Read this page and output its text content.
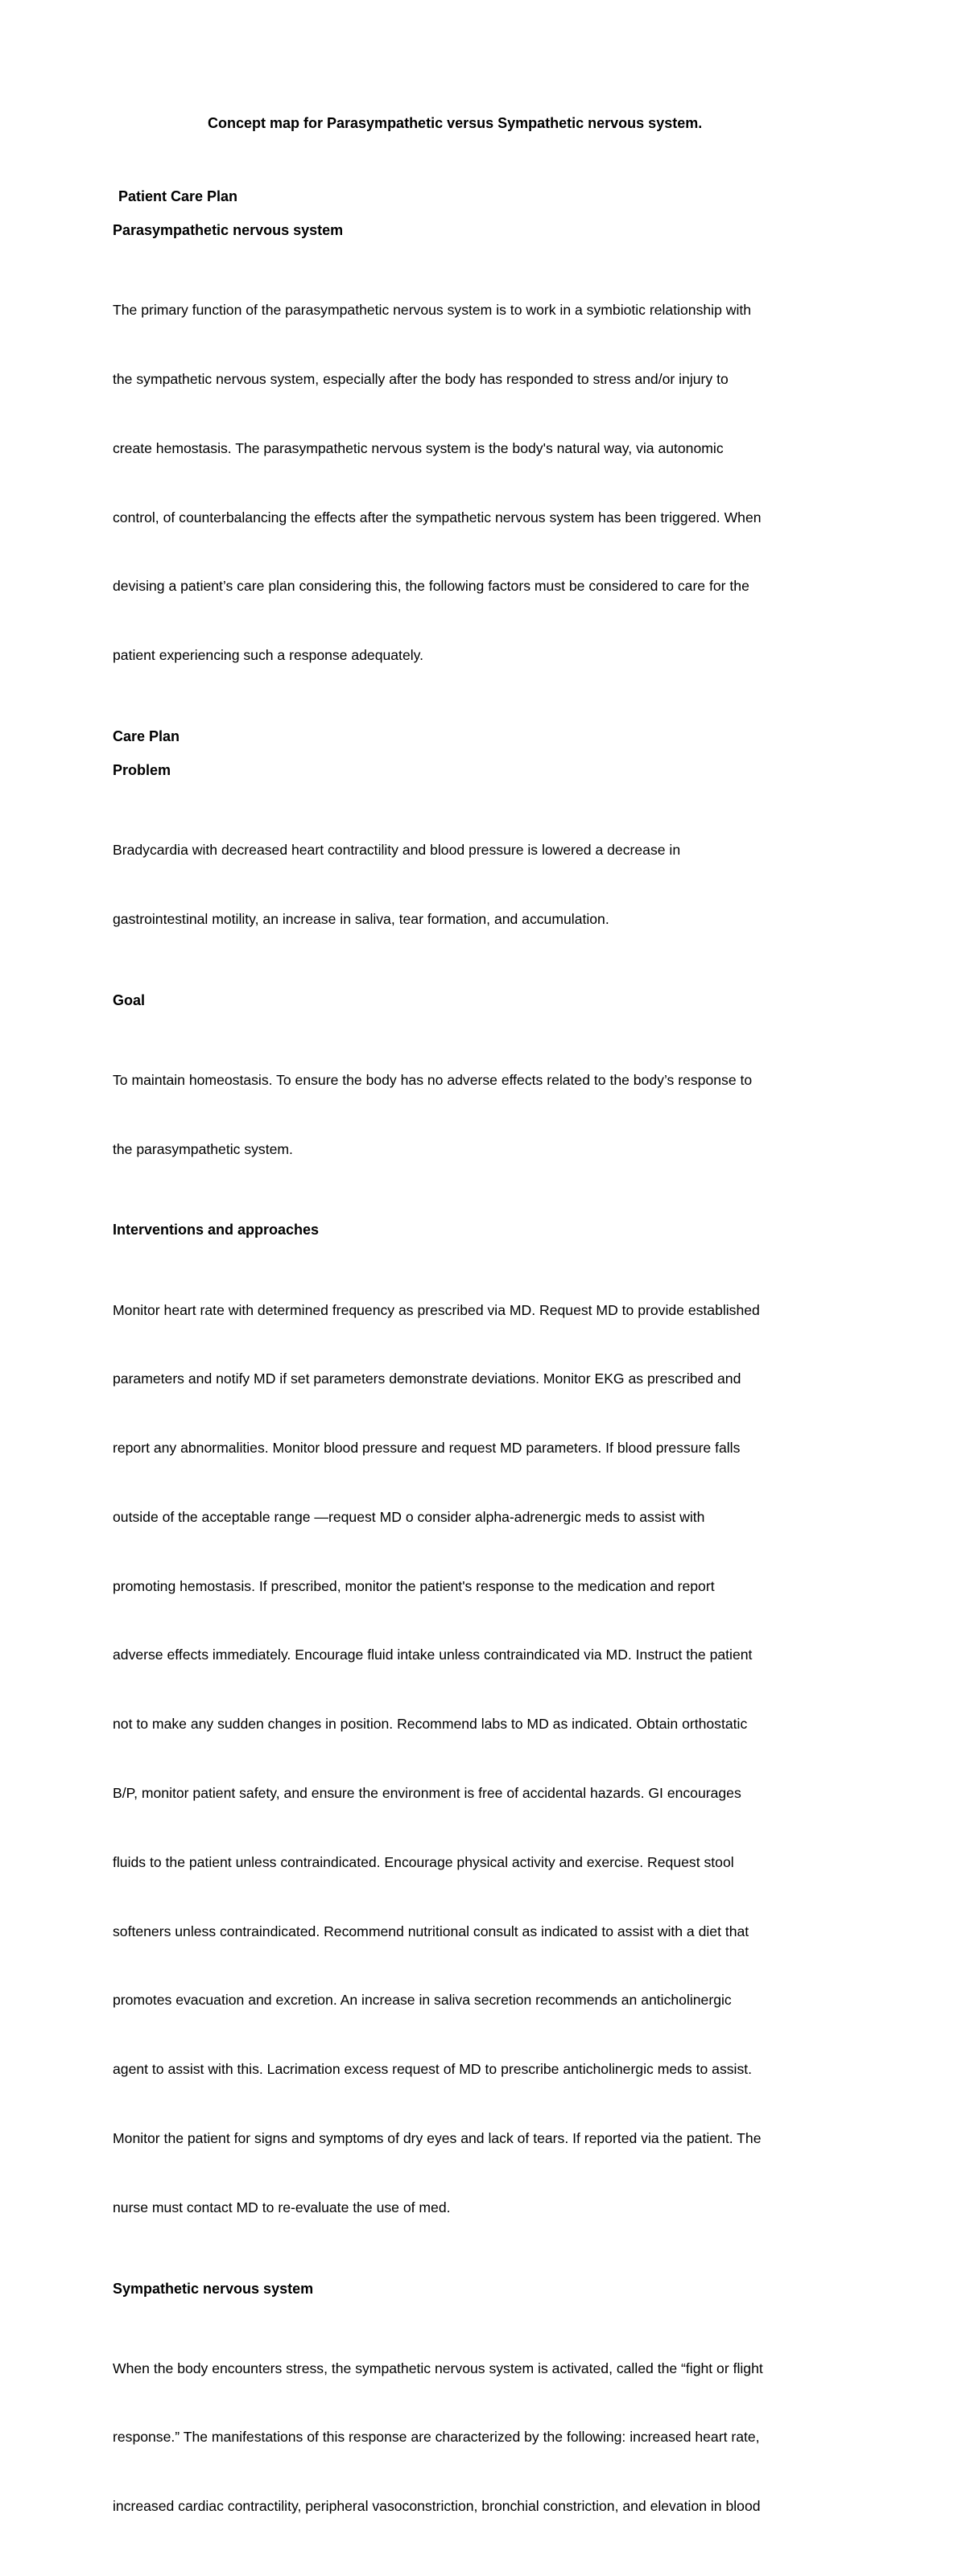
Concept map for Parasympathetic versus Sympathetic nervous system.
Patient Care Plan
Parasympathetic nervous system

The primary function of the parasympathetic nervous system is to work in a symbiotic relationship with

the sympathetic nervous system, especially after the body has responded to stress and/or injury to

create hemostasis. The parasympathetic nervous system is the body's natural way, via autonomic

control, of counterbalancing the effects after the sympathetic nervous system has been triggered. When

devising a patient’s care plan considering this, the following factors must be considered to care for the

patient experiencing such a response adequately.

Care Plan
Problem

Bradycardia with decreased heart contractility and blood pressure is lowered a decrease in

gastrointestinal motility, an increase in saliva, tear formation, and accumulation.

Goal

To maintain homeostasis. To ensure the body has no adverse effects related to the body’s response to

the parasympathetic system.

Interventions and approaches

Monitor heart rate with determined frequency as prescribed via MD. Request MD to provide established

parameters and notify MD if set parameters demonstrate deviations. Monitor EKG as prescribed and

report any abnormalities. Monitor blood pressure and request MD parameters. If blood pressure falls

outside of the acceptable range —request MD o consider alpha-adrenergic meds to assist with

promoting hemostasis. If prescribed, monitor the patient's response to the medication and report

adverse effects immediately. Encourage fluid intake unless contraindicated via MD. Instruct the patient

not to make any sudden changes in position. Recommend labs to MD as indicated. Obtain orthostatic

B/P, monitor patient safety, and ensure the environment is free of accidental hazards. GI encourages

fluids to the patient unless contraindicated. Encourage physical activity and exercise. Request stool

softeners unless contraindicated. Recommend nutritional consult as indicated to assist with a diet that

promotes evacuation and excretion. An increase in saliva secretion recommends an anticholinergic

agent to assist with this. Lacrimation excess request of MD to prescribe anticholinergic meds to assist.

Monitor the patient for signs and symptoms of dry eyes and lack of tears. If reported via the patient. The

nurse must contact MD to re-evaluate the use of med.

Sympathetic nervous system

When the body encounters stress, the sympathetic nervous system is activated, called the “fight or flight

response.” The manifestations of this response are characterized by the following: increased heart rate,

increased cardiac contractility, peripheral vasoconstriction, bronchial constriction, and elevation in blood
